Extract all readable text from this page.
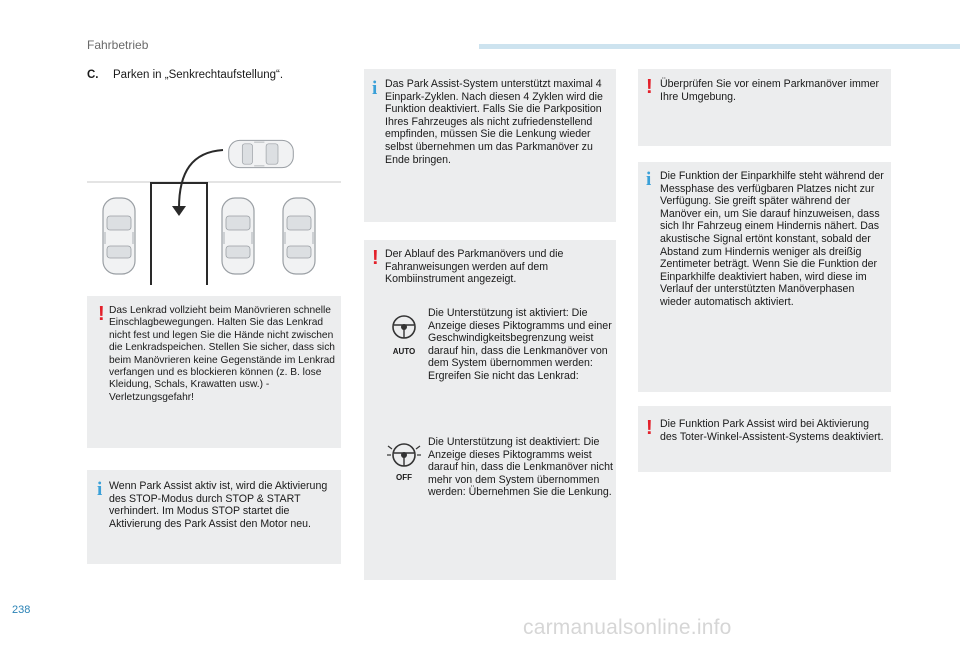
Fahrbetrieb
C. Parken in „Senkrechtaufstellung“.
! Das Lenkrad vollzieht beim Manövrieren schnelle Einschlagbewegungen. Halten Sie das Lenkrad nicht fest und legen Sie die Hände nicht zwischen die Lenkradspeichen. Stellen Sie sicher, dass sich beim Manövrieren keine Gegenstände im Lenkrad verfangen und es blockieren können (z. B. lose Kleidung, Schals, Krawatten usw.) - Verletzungsgefahr!
i Wenn Park Assist aktiv ist, wird die Aktivierung des STOP-Modus durch STOP & START verhindert. Im Modus STOP startet die Aktivierung des Park Assist den Motor neu.
i Das Park Assist-System unterstützt maximal 4 Einpark-Zyklen. Nach diesen 4 Zyklen wird die Funktion deaktiviert. Falls Sie die Parkposition Ihres Fahrzeuges als nicht zufriedenstellend empfinden, müssen Sie die Lenkung wieder selbst übernehmen um das Parkmanöver zu Ende bringen.
! Der Ablauf des Parkmanövers und die Fahranweisungen werden auf dem Kombiinstrument angezeigt.
AUTO
Die Unterstützung ist aktiviert: Die Anzeige dieses Piktogramms und einer Geschwindigkeitsbegrenzung weist darauf hin, dass die Lenkmanöver von dem System übernommen werden: Ergreifen Sie nicht das Lenkrad:
OFF
Die Unterstützung ist deaktiviert: Die Anzeige dieses Piktogramms weist darauf hin, dass die Lenkmanöver nicht mehr von dem System übernommen werden: Übernehmen Sie die Lenkung.
! Überprüfen Sie vor einem Parkmanöver immer Ihre Umgebung.
i Die Funktion der Einparkhilfe steht während der Messphase des verfügbaren Platzes nicht zur Verfügung. Sie greift später während der Manöver ein, um Sie darauf hinzuweisen, dass sich Ihr Fahrzeug einem Hindernis nähert. Das akustische Signal ertönt konstant, sobald der Abstand zum Hindernis weniger als dreißig Zentimeter beträgt. Wenn Sie die Funktion der Einparkhilfe deaktiviert haben, wird diese im Verlauf der unterstützten Manöverphasen wieder automatisch aktiviert.
! Die Funktion Park Assist wird bei Aktivierung des Toter-Winkel-Assistent-Systems deaktiviert.
238
carmanualsonline.info
